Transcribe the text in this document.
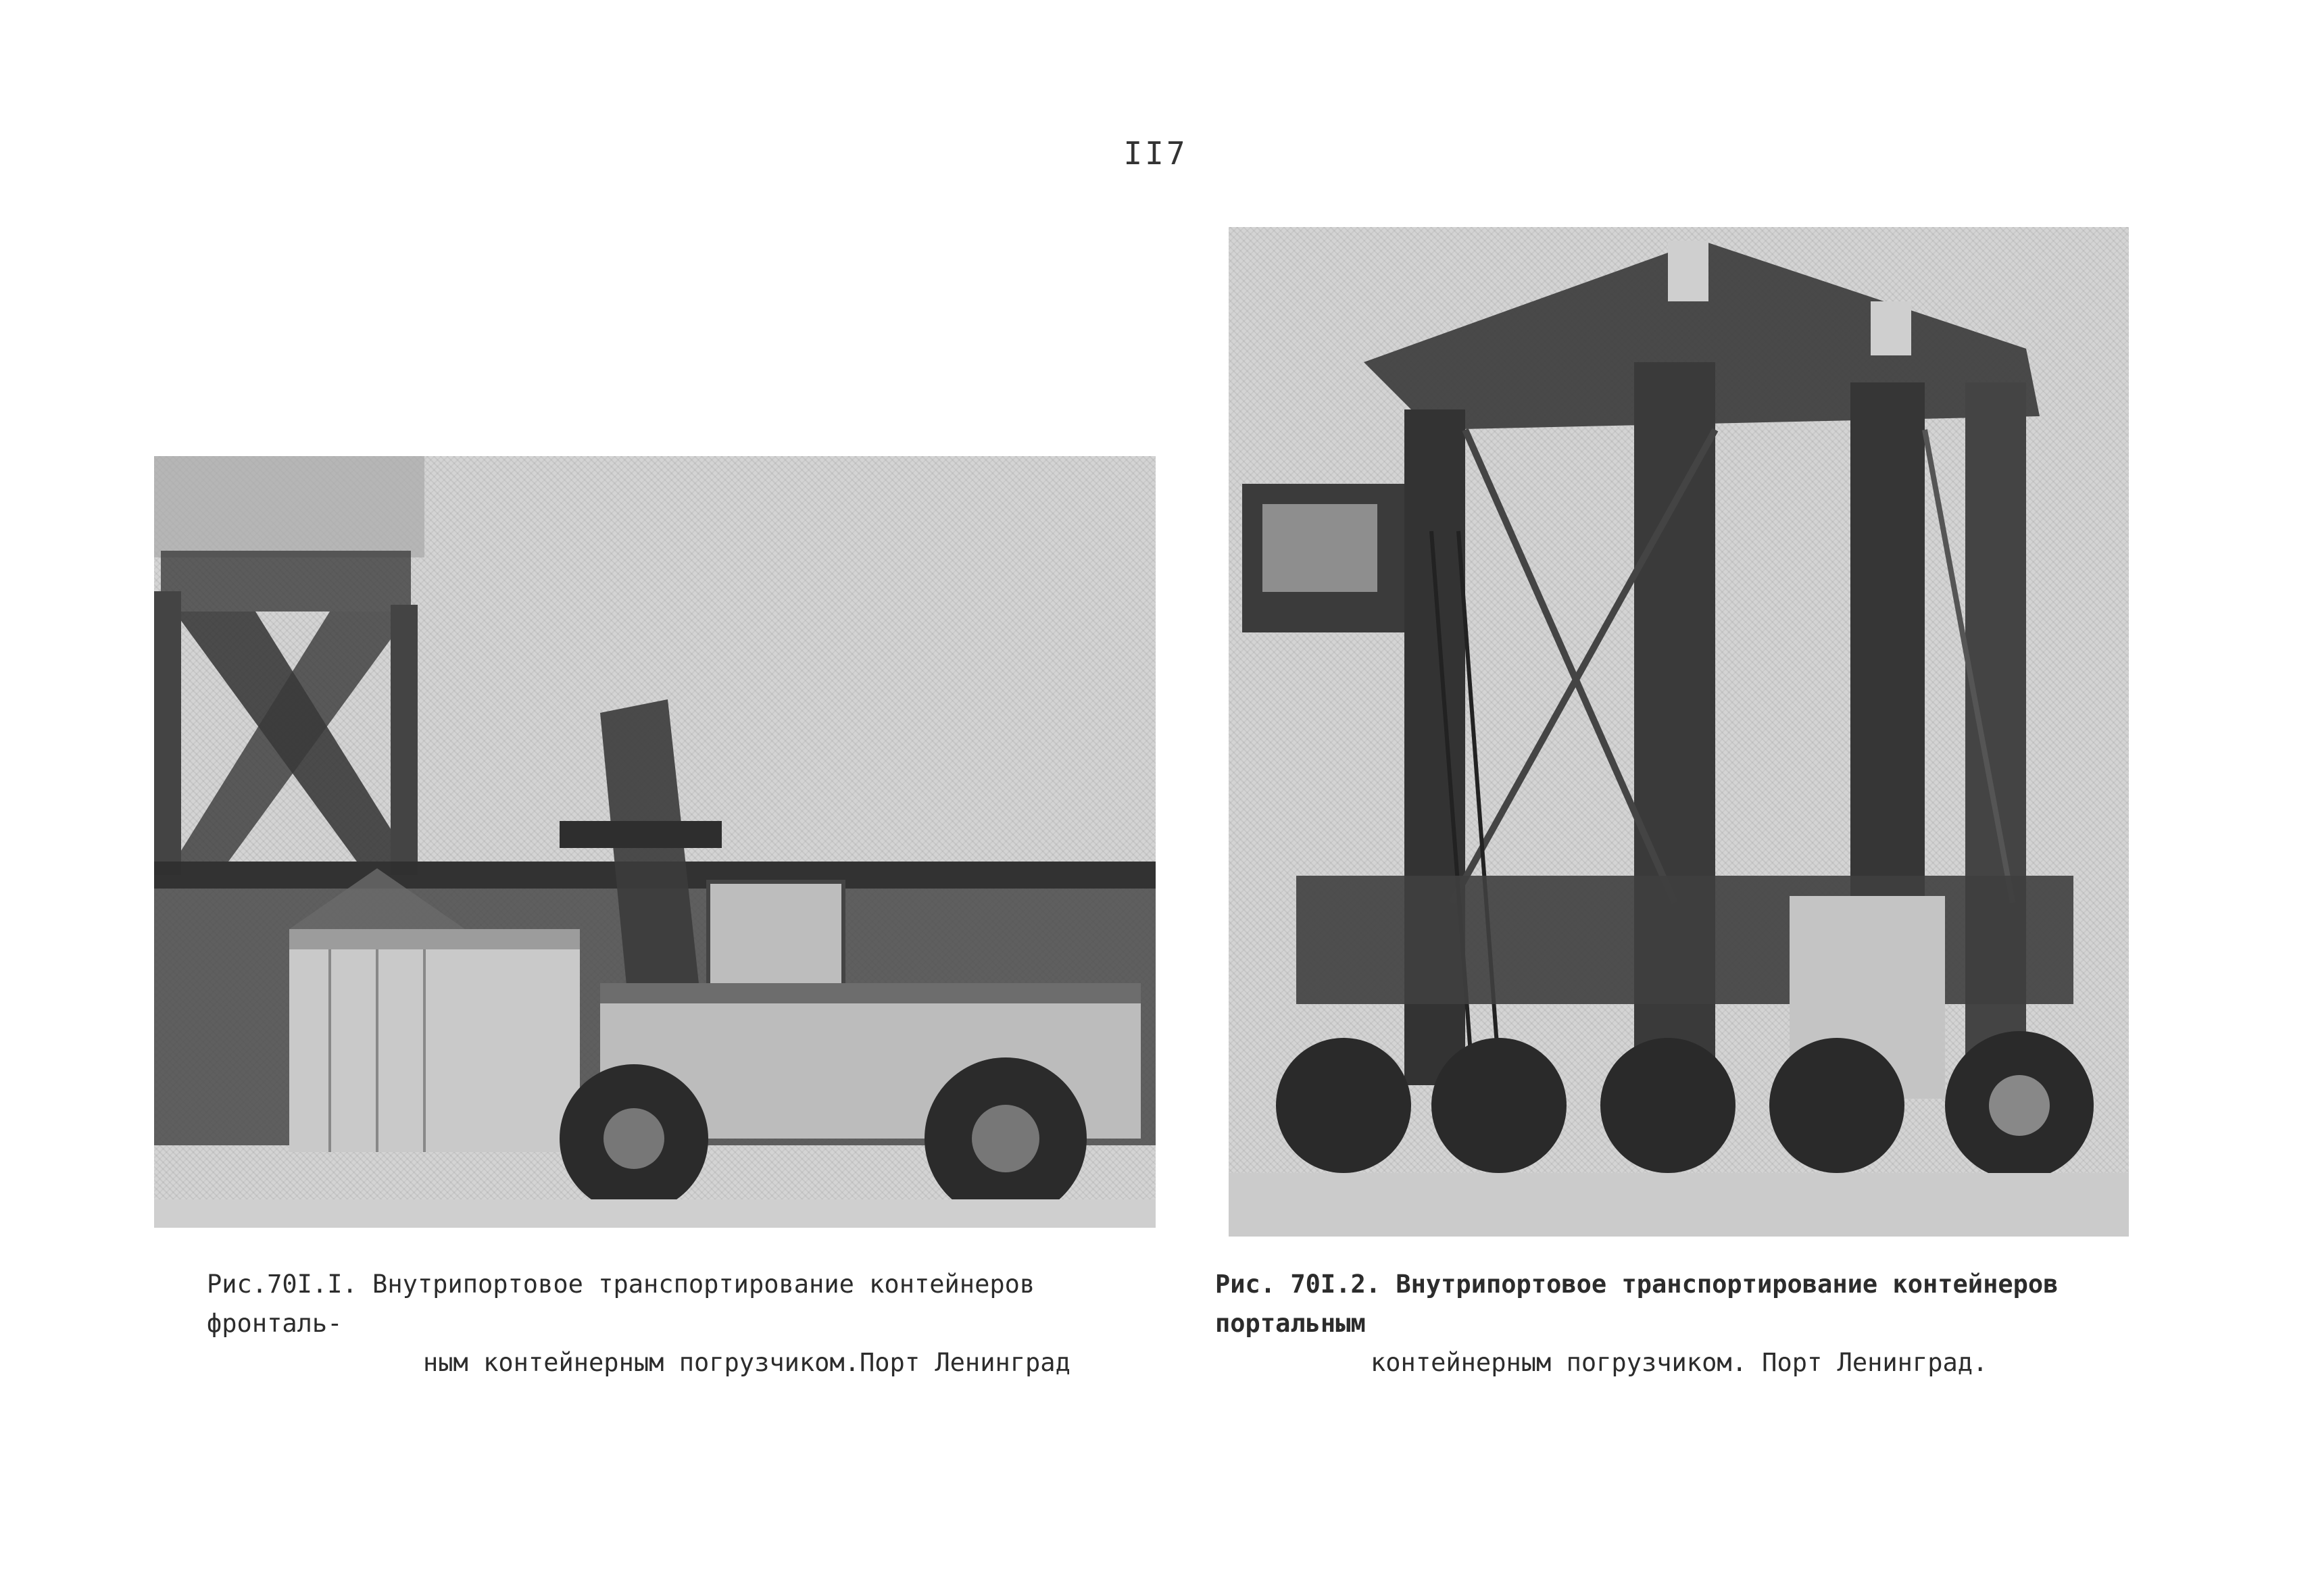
II7
Рис.70I.I. Внутрипортовое транспортирование контейнеров фронталь-
ным контейнерным погрузчиком.Порт Ленинград
Рис. 70I.2. Внутрипортовое транспортирование контейнеров портальным
контейнерным погрузчиком. Порт Ленинград.
